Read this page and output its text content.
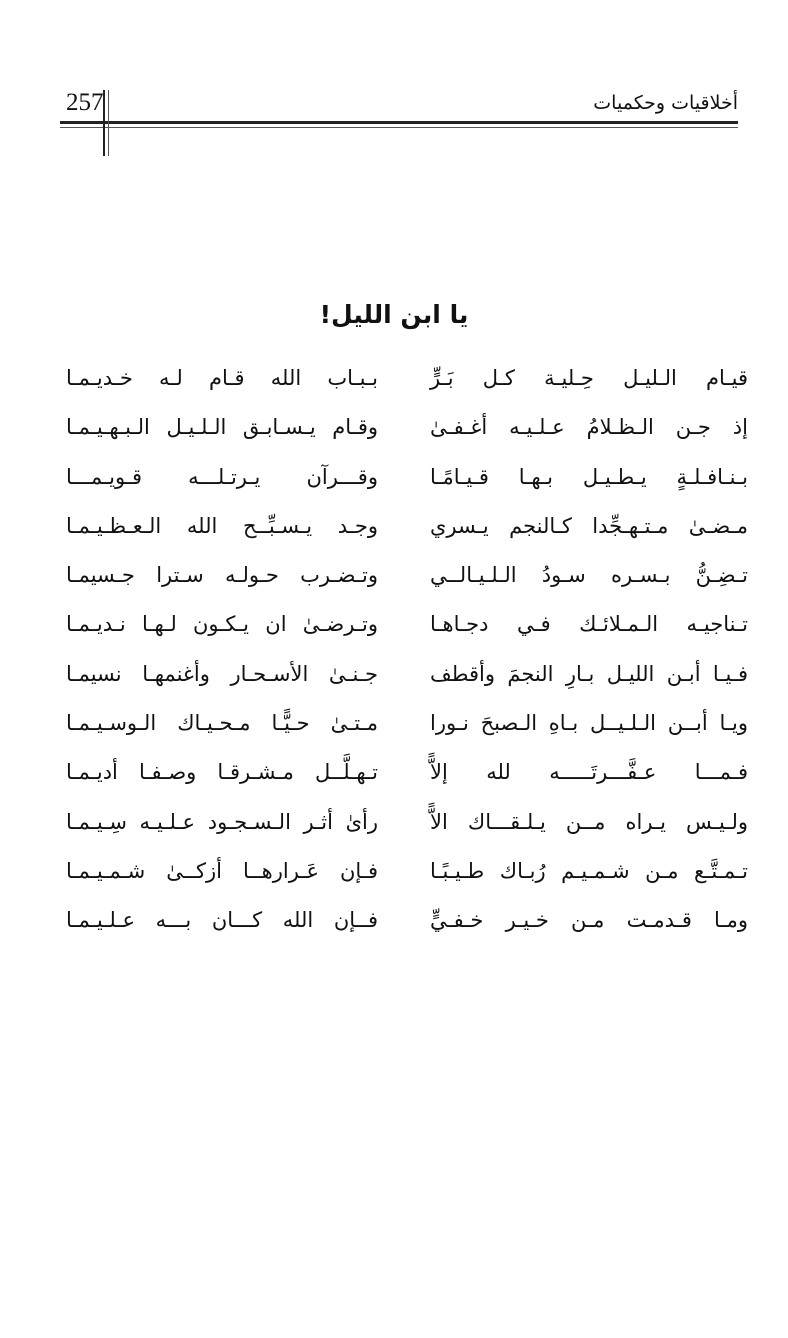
257	أخلاقيات وحكميات
يا ابن الليل!
قيـام الـليـل حِـليـة كـل بَـرٍّ
بـبـاب الله قـام لـه خـديـمـا
إذ جـن الـظـلامُ عـلـيـه أغـفـىٰ
وقـام يـسـابـق الـلـيـل الـبـهـيـمـا
بـنـافـلـةٍ يـطـيـل بـهـا قـيـامًـا
وقـــرآن يـرتـلـــه قـويـمـــا
مـضـىٰ مـتـهـجِّدا كـالنجم يـسري
وجـد يـسـبِّــح الله الـعـظـيـمـا
تـضِـنُّ بـسـره سـودُ الـلـيـالــي
وتـضـرب حـولـه سـترا جـسيمـا
تـناجيـه الـمـلائـك فـي دجـاهـا
وتـرضـىٰ ان يـكـون لـهـا نـديـمـا
فـيـا أبـن الليـل بـارِ النجمَ وأقطف
جـنـىٰ الأسـحـار وأغنمهـا نسيمـا
ويـا أبــن الـلـيــل بـاهِ الـصبحَ نـورا
مـتـىٰ حـيًّـا مـحـيـاك الـوسـيـمـا
فـمـــا عـفَّـــرتَـــــه لله إلاًّ
تـهـلَّــل مـشـرقـا وصـفـا أديـمـا
ولـيـس يـراه مــن يـلـقـــاك الاًّ
رأىٰ أثـر الـسـجـود عـلـيـه سِـيـمـا
تـمـتَّـع مـن شـمـيـم رُبـاك طـيـبًـا
فـإن عَـرارهــا أزكــىٰ شـمـيـمـا
ومـا قـدمـت مـن خـيـر خـفـيٍّ
فــإن الله كـــان بـــه عـلـيـمـا
